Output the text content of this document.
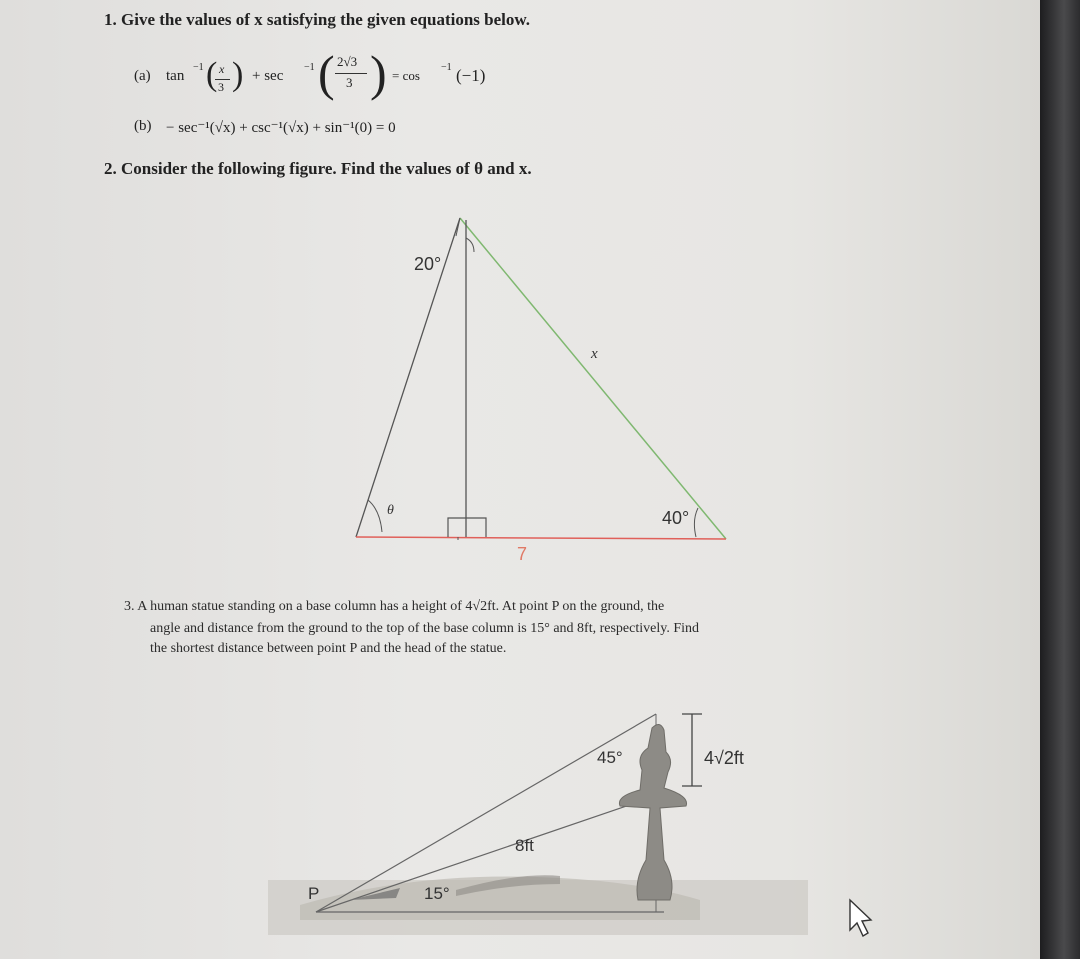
1. Give the values of x satisfying the given equations below.
(a) tan
−1 ( x
3 ) + sec
−1 ( 2√3
3 ) = cos
−1 (−1)
(b) − sec⁻¹(√x) + csc⁻¹(√x) + sin⁻¹(0) = 0
2. Consider the following figure. Find the values of θ and x.
20°
x
θ	40°
7
3. A human statue standing on a base column has a height of 4√2ft. At point P on the ground, the
angle and distance from the ground to the top of the base column is 15° and 8ft, respectively. Find
the shortest distance between point P and the head of the statue.
45°	4√2ft
8ft
P	15°
